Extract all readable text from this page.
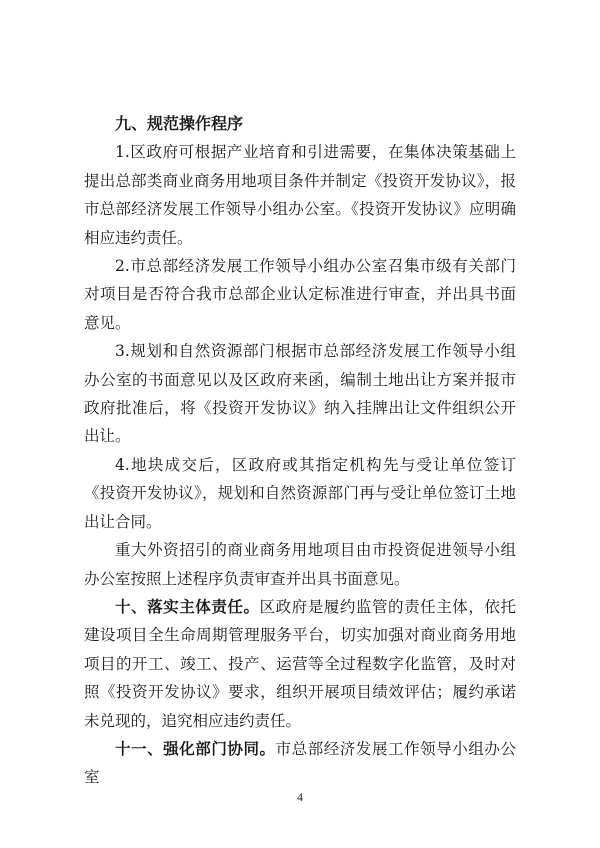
九、规范操作程序

1.区政府可根据产业培育和引进需要，在集体决策基础上提出总部类商业商务用地项目条件并制定《投资开发协议》，报市总部经济发展工作领导小组办公室。《投资开发协议》应明确相应违约责任。

2.市总部经济发展工作领导小组办公室召集市级有关部门对项目是否符合我市总部企业认定标准进行审查，并出具书面意见。

3.规划和自然资源部门根据市总部经济发展工作领导小组办公室的书面意见以及区政府来函，编制土地出让方案并报市政府批准后，将《投资开发协议》纳入挂牌出让文件组织公开出让。

4.地块成交后，区政府或其指定机构先与受让单位签订《投资开发协议》，规划和自然资源部门再与受让单位签订土地出让合同。

重大外资招引的商业商务用地项目由市投资促进领导小组办公室按照上述程序负责审查并出具书面意见。

十、落实主体责任。区政府是履约监管的责任主体，依托建设项目全生命周期管理服务平台，切实加强对商业商务用地项目的开工、竣工、投产、运营等全过程数字化监管，及时对照《投资开发协议》要求，组织开展项目绩效评估；履约承诺未兑现的，追究相应违约责任。

十一、强化部门协同。市总部经济发展工作领导小组办公室

4
